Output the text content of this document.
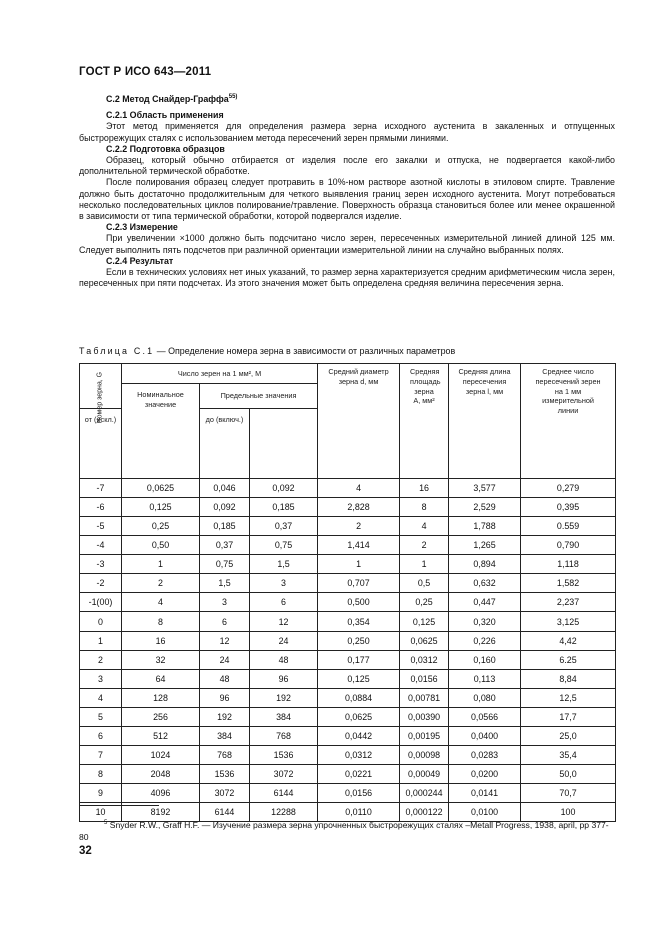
ГОСТ Р ИСО 643—2011
С.2 Метод Снайдер-Граффа$^{55)}$
С.2.1 Область применения

Этот метод применяется для определения размера зерна исходного аустенита в закаленных и отпущенных быстрорежущих сталях с использованием метода пересечений зерен прямыми линиями.

С.2.2 Подготовка образцов

Образец, который обычно отбирается от изделия после его закалки и отпуска, не подвергается какой-либо дополнительной термической обработке.

После полирования образец следует протравить в 10%-ном растворе азотной кислоты в этиловом спирте. Травление должно быть достаточно продолжительным для четкого выявления границ зерен исходного аустенита. Могут потребоваться несколько последовательных циклов полирование/травление. Поверхность образца становиться более или менее окрашенной в зависимости от типа термической обработки, которой подвергался изделие.

С.2.3 Измерение

При увеличении ×1000 должно быть подсчитано число зерен, пересеченных измерительной линией длиной 125 мм. Следует выполнить пять подсчетов при различной ориентации измерительной линии на случайно выбранных полях.

С.2.4 Результат

Если в технических условиях нет иных указаний, то размер зерна характеризуется средним арифметическим числа зерен, пересеченных при пяти подсчетах. Из этого значения может быть определена средняя величина пересечения зерна.

Таблица С.1 — Определение номера зерна в зависимости от различных параметров
Номер зерна, G	Число зерен на 1 мм², M			Средний диаметр зерна d, мм	Средняя площадь зерна A, мм²	Средняя длина пересечения зерна l, мм	Среднее число пересечений зерен на 1 мм измерительной линии
	Номинальное значение	Предельные значения					
от (искл.)		до (включ.)					
-7	0,0625	0,046	0,092	4	16	3,577	0,279
-6	0,125	0,092	0,185	2,828	8	2,529	0,395
-5	0,25	0,185	0,37	2	4	1,788	0.559
-4	0,50	0,37	0,75	1,414	2	1,265	0,790
-3	1	0,75	1,5	1	1	0,894	1,118
-2	2	1,5	3	0,707	0,5	0,632	1,582
-1(00)	4	3	6	0,500	0,25	0,447	2,237
0	8	6	12	0,354	0,125	0,320	3,125
1	16	12	24	0,250	0,0625	0,226	4,42
2	32	24	48	0,177	0,0312	0,160	6.25
3	64	48	96	0,125	0,0156	0,113	8,84
4	128	96	192	0,0884	0,00781	0,080	12,5
5	256	192	384	0,0625	0,00390	0,0566	17,7
6	512	384	768	0,0442	0,00195	0,0400	25,0
7	1024	768	1536	0,0312	0,00098	0,0283	35,4
8	2048	1536	3072	0,0221	0,00049	0,0200	50,0
9	4096	3072	6144	0,0156	0,000244	0,0141	70,7
10	8192	6144	12288	0,0110	0,000122	0,0100	100
$^5$ Snyder R.W., Graff H.F. — Изучение размера зерна упрочненных быстрорежущих сталях –Metall Progress, 1938, april, pp 377-80
32
